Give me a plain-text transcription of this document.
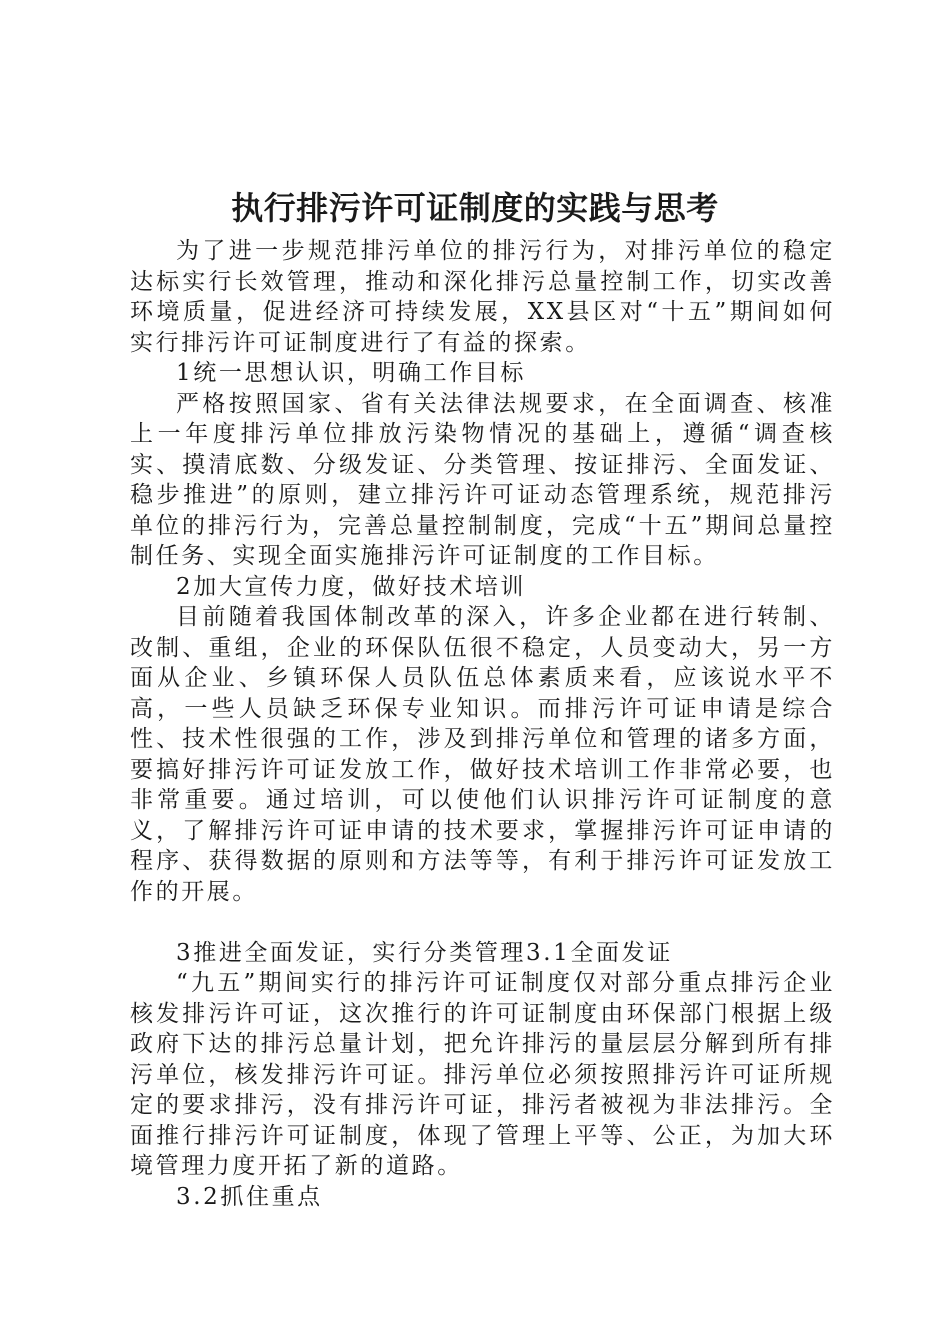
执行排污许可证制度的实践与思考

为了进一步规范排污单位的排污行为，对排污单位的稳定达标实行长效管理，推动和深化排污总量控制工作，切实改善环境质量，促进经济可持续发展，XX县区对“十五”期间如何实行排污许可证制度进行了有益的探索。

1统一思想认识，明确工作目标

严格按照国家、省有关法律法规要求，在全面调查、核准上一年度排污单位排放污染物情况的基础上，遵循“调查核实、摸清底数、分级发证、分类管理、按证排污、全面发证、稳步推进”的原则，建立排污许可证动态管理系统，规范排污单位的排污行为，完善总量控制制度，完成“十五”期间总量控制任务、实现全面实施排污许可证制度的工作目标。

2加大宣传力度，做好技术培训

目前随着我国体制改革的深入，许多企业都在进行转制、改制、重组，企业的环保队伍很不稳定，人员变动大，另一方面从企业、乡镇环保人员队伍总体素质来看，应该说水平不高，一些人员缺乏环保专业知识。而排污许可证申请是综合性、技术性很强的工作，涉及到排污单位和管理的诸多方面，要搞好排污许可证发放工作，做好技术培训工作非常必要，也非常重要。通过培训，可以使他们认识排污许可证制度的意义，了解排污许可证申请的技术要求，掌握排污许可证申请的程序、获得数据的原则和方法等等，有利于排污许可证发放工作的开展。

3推进全面发证，实行分类管理3.1全面发证

“九五”期间实行的排污许可证制度仅对部分重点排污企业核发排污许可证，这次推行的许可证制度由环保部门根据上级政府下达的排污总量计划，把允许排污的量层层分解到所有排污单位，核发排污许可证。排污单位必须按照排污许可证所规定的要求排污，没有排污许可证，排污者被视为非法排污。全面推行排污许可证制度，体现了管理上平等、公正，为加大环境管理力度开拓了新的道路。

3.2抓住重点
